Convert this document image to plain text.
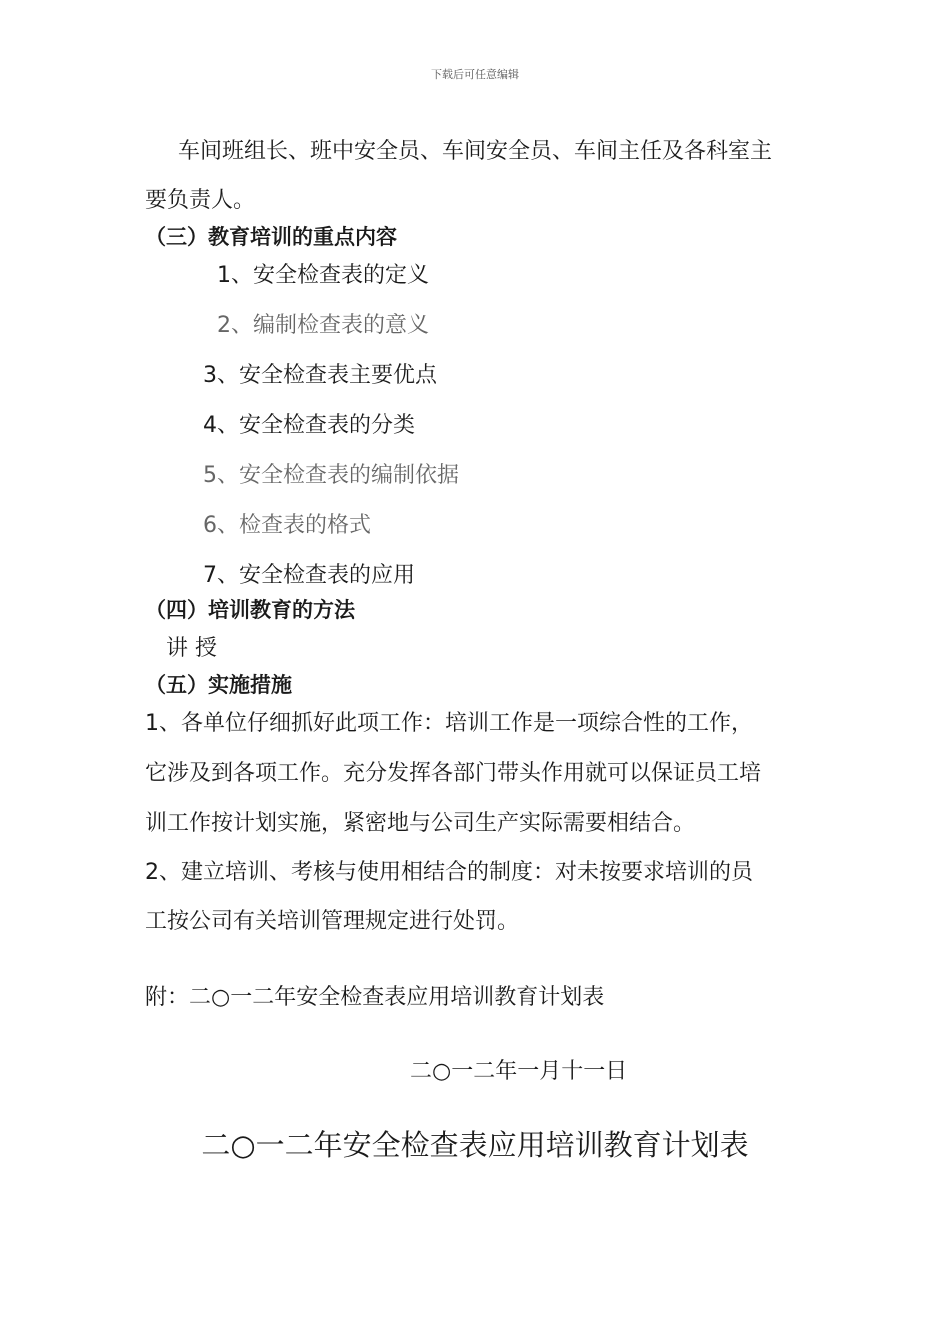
下载后可任意编辑

车间班组长、班中安全员、车间安全员、车间主任及各科室主

要负责人。

（三）教育培训的重点内容

1、安全检查表的定义

2、编制检查表的意义

3、安全检查表主要优点

4、安全检查表的分类

5、安全检查表的编制依据

6、检查表的格式

7、安全检查表的应用

（四）培训教育的方法

讲 授

（五）实施措施

1、各单位仔细抓好此项工作：培训工作是一项综合性的工作，

它涉及到各项工作。充分发挥各部门带头作用就可以保证员工培

训工作按计划实施，紧密地与公司生产实际需要相结合。

2、建立培训、考核与使用相结合的制度：对未按要求培训的员

工按公司有关培训管理规定进行处罚。

附：二○一二年安全检查表应用培训教育计划表

二○一二年一月十一日

二○一二年安全检查表应用培训教育计划表
